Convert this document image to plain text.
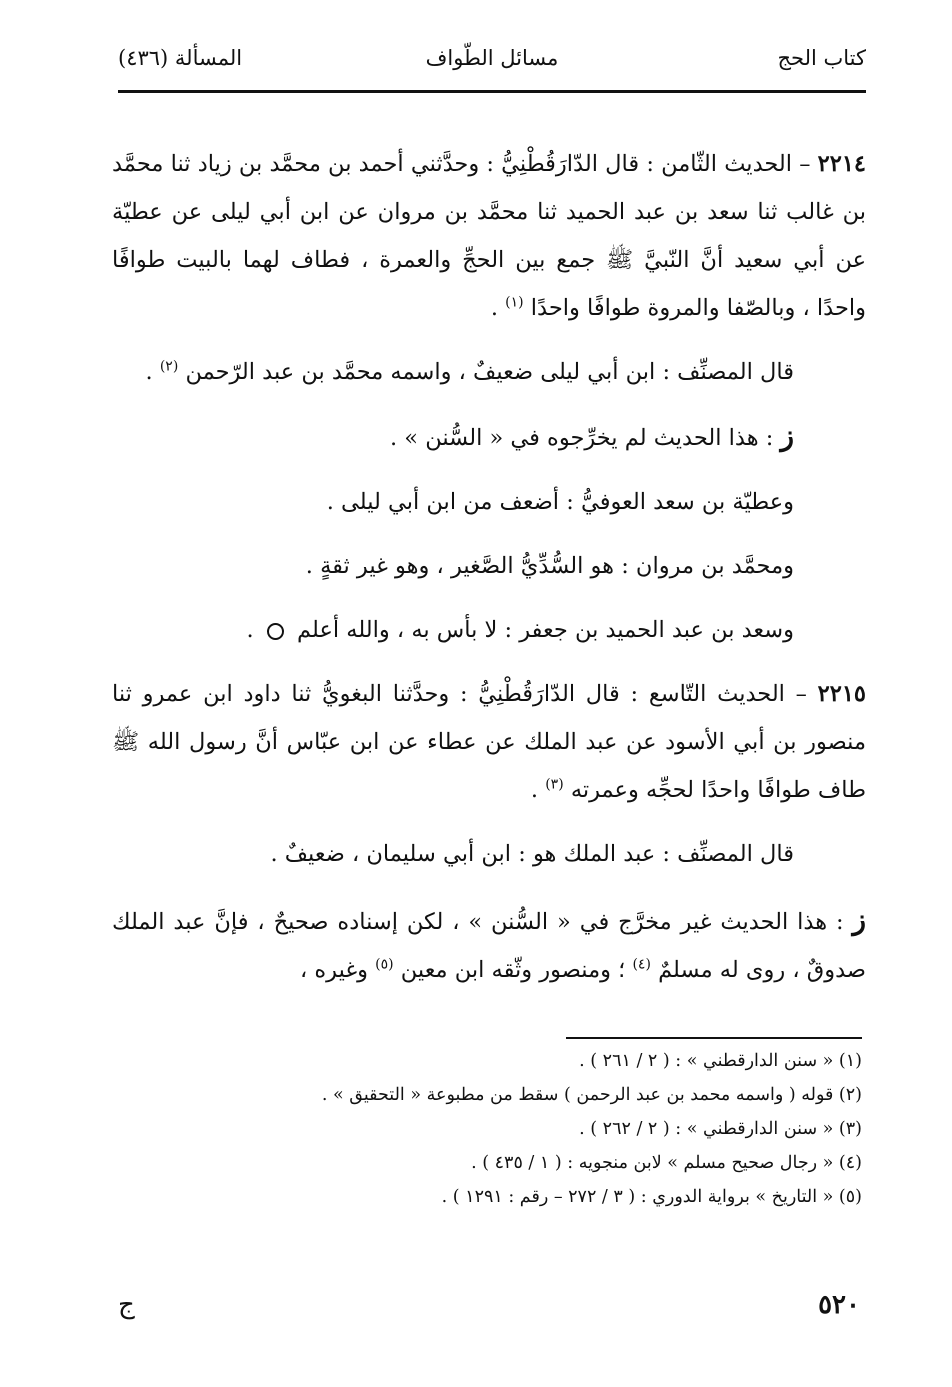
كتاب الحج
مسائل الطّواف
المسألة (٤٣٦)

٢٢١٤ – الحديث الثّامن : قال الدّارَقُطْنِيُّ : وحدَّثني أحمد بن محمَّد بن زياد ثنا محمَّد بن غالب ثنا سعد بن عبد الحميد ثنا محمَّد بن مروان عن ابن أبي ليلى عن عطيّة عن أبي سعيد أنَّ النّبيَّ ﷺ جمع بين الحجِّ والعمرة ، فطاف لهما بالبيت طوافًا واحدًا ، وبالصّفا والمروة طوافًا واحدًا $^{(١)}$ .

قال المصنِّف : ابن أبي ليلى ضعيفٌ ، واسمه محمَّد بن عبد الرّحمن $^{(٢)}$ .

ز : هذا الحديث لم يخرِّجوه في « السُّنن » .

وعطيّة بن سعد العوفيُّ : أضعف من ابن أبي ليلى .

ومحمَّد بن مروان : هو السُّدِّيُّ الصَّغير ، وهو غير ثقةٍ .

وسعد بن عبد الحميد بن جعفر : لا بأس به ، والله أعلم  .

٢٢١٥ – الحديث التّاسع : قال الدّارَقُطْنِيُّ : وحدَّثنا البغويُّ ثنا داود ابن عمرو ثنا منصور بن أبي الأسود عن عبد الملك عن عطاء عن ابن عبّاس أنَّ رسول الله ﷺ طاف طوافًا واحدًا لحجِّه وعمرته $^{(٣)}$ .

قال المصنِّف : عبد الملك هو : ابن أبي سليمان ، ضعيفٌ .

ز : هذا الحديث غير مخرَّج في « السُّنن » ، لكن إسناده صحيحٌ ، فإنَّ عبد الملك صدوقٌ ، روى له مسلمٌ $^{(٤)}$ ؛ ومنصور وثّقه ابن معين $^{(٥)}$ وغيره ،

(١) « سنن الدارقطني » : ( ٢ / ٢٦١ ) .

(٢) قوله ( واسمه محمد بن عبد الرحمن ) سقط من مطبوعة « التحقيق » .

(٣) « سنن الدارقطني » : ( ٢ / ٢٦٢ ) .

(٤) « رجال صحيح مسلم » لابن منجويه : ( ١ / ٤٣٥ ) .

(٥) « التاريخ » برواية الدوري : ( ٣ / ٢٧٢ – رقم : ١٢٩١ ) .

٥٢٠
ج
